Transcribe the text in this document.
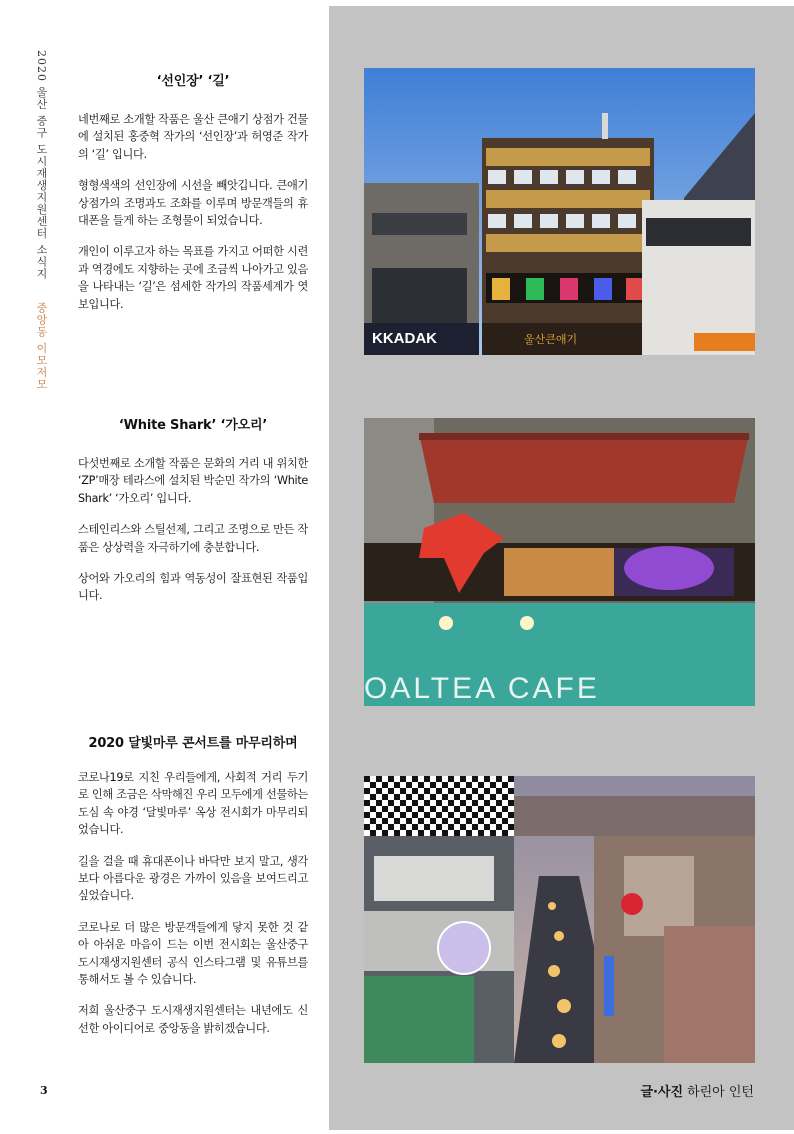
2020 울산 중구 도시재생지원센터 소식지 중앙동 이모저모
‘선인장’ ‘길’

네번째로 소개할 작품은 울산 큰애기 상점가 건물에 설치된 홍중혁 작가의 ‘선인장’과 허영준 작가의 ‘길’ 입니다.

형형색색의 선인장에 시선을 빼앗깁니다. 큰애기 상점가의 조명과도 조화를 이루며 방문객들의 휴대폰을 들게 하는 조형물이 되었습니다.

개인이 이루고자 하는 목표를 가지고 어떠한 시련과 역경에도 지향하는 곳에 조금씩 나아가고 있음을 나타내는 ‘길’은 섬세한 작가의 작품세계가 엿보입니다.

‘White Shark’ ‘가오리’

다섯번째로 소개할 작품은 문화의 거리 내 위치한 ‘ZP’매장 테라스에 설치된 박순민 작가의 ‘White Shark’ ‘가오리’ 입니다.

스테인리스와 스틸선제, 그리고 조명으로 만든 작품은 상상력을 자극하기에 충분합니다.

상어와 가오리의 힘과 역동성이 잘표현된 작품입니다.

2020 달빛마루 콘서트를 마무리하며

코로나19로 지친 우리들에게, 사회적 거리 두기로 인해 조금은 삭막해진 우리 모두에게 선물하는 도심 속 야경 ‘달빛마루’ 옥상 전시회가 마무리되었습니다.

길을 걸을 때 휴대폰이나 바닥만 보지 말고, 생각보다 아름다운 광경은 가까이 있음을 보여드리고 싶었습니다.

코로나로 더 많은 방문객들에게 닿지 못한 것 같아 아쉬운 마음이 드는 이번 전시회는 울산중구 도시재생지원센터 공식 인스타그램 및 유튜브를 통해서도 볼 수 있습니다.

저희 울산중구 도시재생지원센터는 내년에도 신선한 아이디어로 중앙동을 밝히겠습니다.

KKADAK	울산큰애기
OALTEA CAFE
3	글·사진 하린아 인턴
